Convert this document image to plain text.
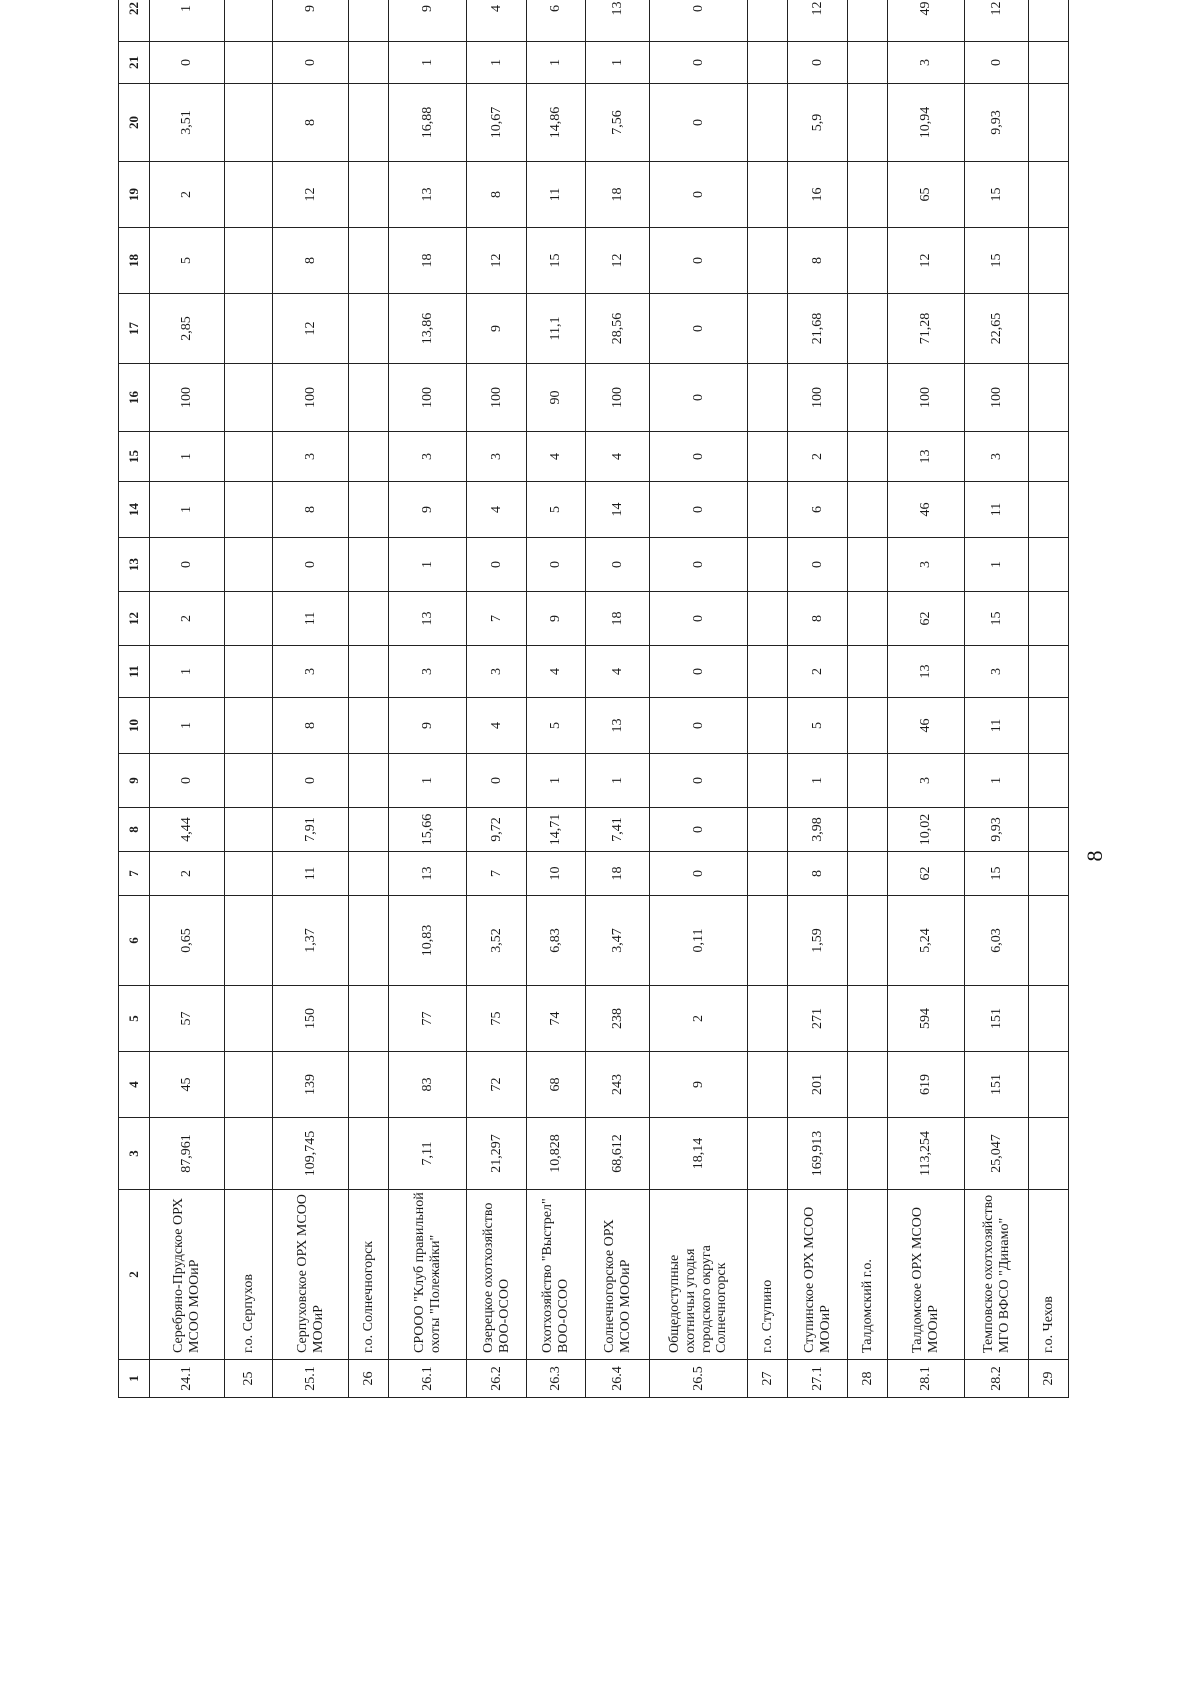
1	2	3	4	5	6	7	8	9	10	11	12	13	14	15	16	17	18	19	20	21	22	
24.1	Серебряно-Прудское ОРХ МСОО МООиР	87,961	45	57	0,65	2	4,44	0	1	1	2	0	1	1	100	2,85	5	2	3,51	0	1	
25	г.о. Серпухов																					
25.1	Серпуховское ОРХ МСОО МООиР	109,745	139	150	1,37	11	7,91	0	8	3	11	0	8	3	100	12	8	12	8	0	9	
26	г.о. Солнечногорск																					
26.1	СРООО "Клуб правильной охоты "Полежайки"	7,11	83	77	10,83	13	15,66	1	9	3	13	1	9	3	100	13,86	18	13	16,88	1	9	
26.2	Озерецкое охотхозяйство ВОО-ОСОО	21,297	72	75	3,52	7	9,72	0	4	3	7	0	4	3	100	9	12	8	10,67	1	4	
26.3	Охотхозяйство "Выстрел" ВОО-ОСОО	10,828	68	74	6,83	10	14,71	1	5	4	9	0	5	4	90	11,1	15	11	14,86	1	6	
26.4	Солнечногорское ОРХ МСОО МООиР	68,612	243	238	3,47	18	7,41	1	13	4	18	0	14	4	100	28,56	12	18	7,56	1	13	
26.5	Общедоступные охотничьи угодья городского округа Солнечногорск	18,14	9	2	0,11	0	0	0	0	0	0	0	0	0	0	0	0	0	0	0	0	
27	г.о. Ступино																					
27.1	Ступинское ОРХ МСОО МООиР	169,913	201	271	1,59	8	3,98	1	5	2	8	0	6	2	100	21,68	8	16	5,9	0	12	
28	Талдомский г.о.																					
28.1	Талдомское ОРХ МСОО МООиР	113,254	619	594	5,24	62	10,02	3	46	13	62	3	46	13	100	71,28	12	65	10,94	3	49	
28.2	Темповское охотхозяйство МГО ВФСО "Динамо"	25,047	151	151	6,03	15	9,93	1	11	3	15	1	11	3	100	22,65	15	15	9,93	0	12	
29	г.о. Чехов																					
8
